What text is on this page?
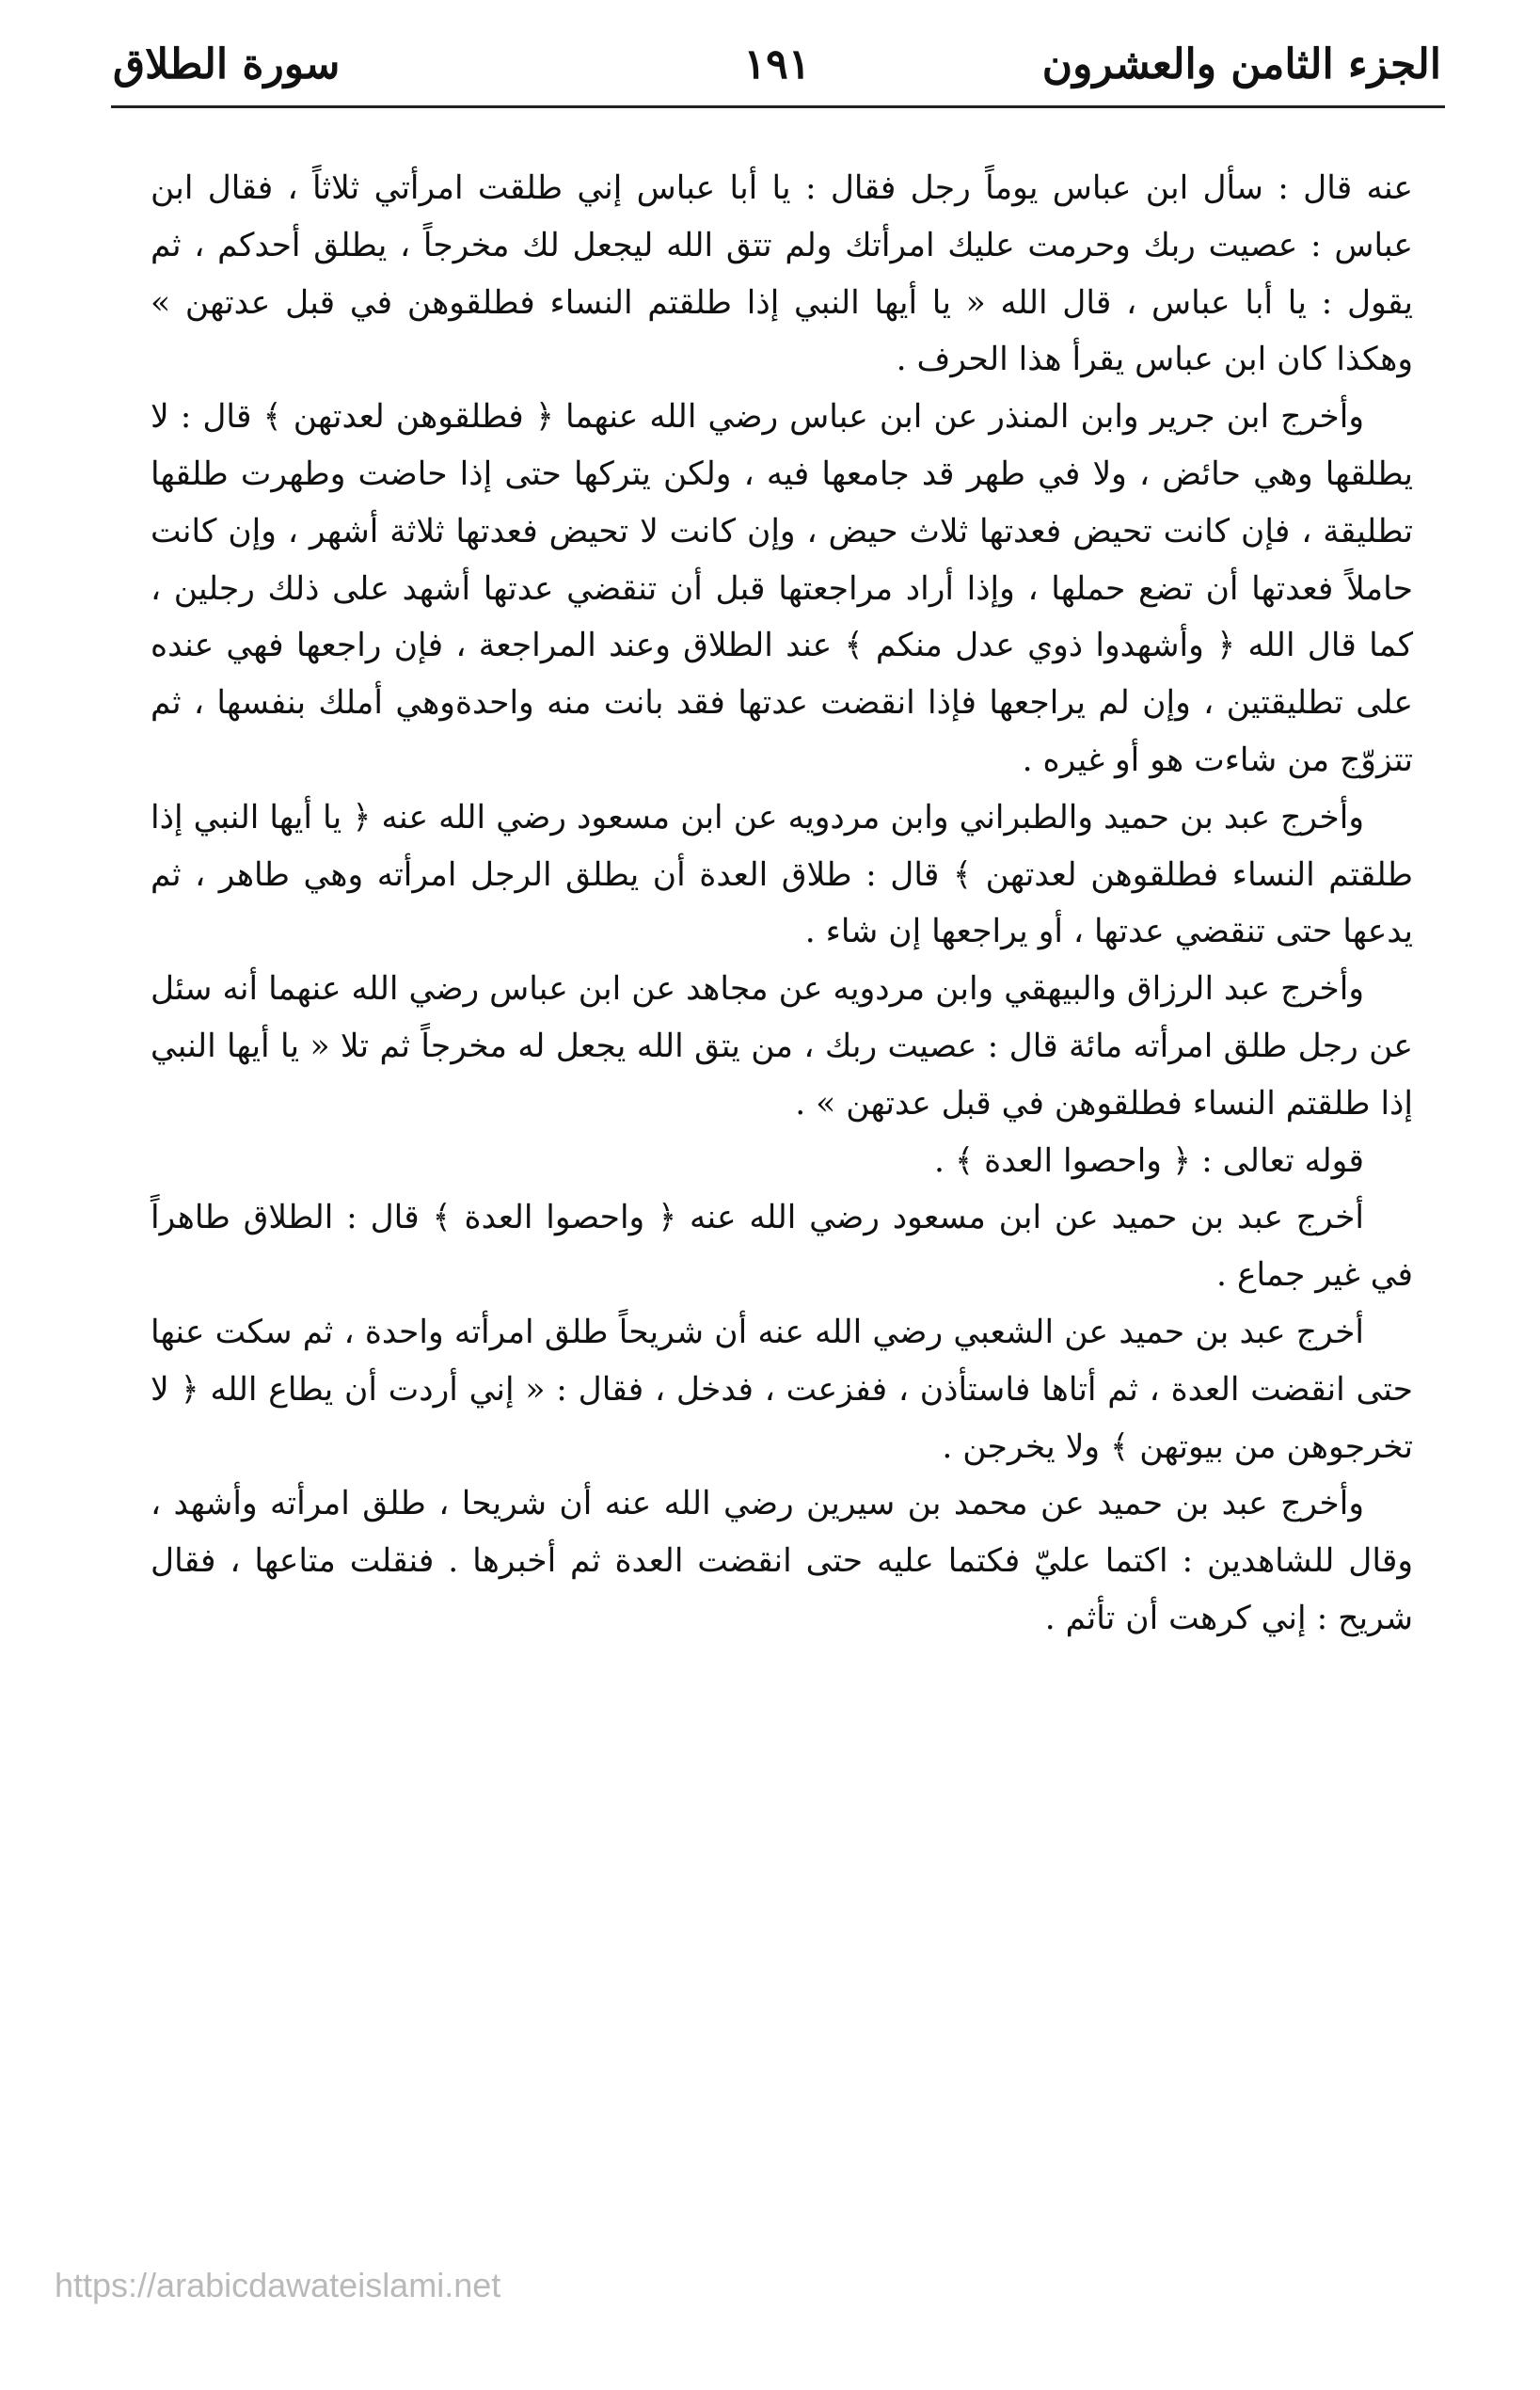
الجزء الثامن والعشرون
١٩١
سورة الطلاق

عنه قال : سأل ابن عباس يوماً رجل فقال : يا أبا عباس إني طلقت امرأتي ثلاثاً ، فقال ابن عباس : عصيت ربك وحرمت عليك امرأتك ولم تتق الله ليجعل لك مخرجاً ، يطلق أحدكم ، ثم يقول : يا أبا عباس ، قال الله « يا أيها النبي إذا طلقتم النساء فطلقوهن في قبل عدتهن » وهكذا كان ابن عباس يقرأ هذا الحرف .

وأخرج ابن جرير وابن المنذر عن ابن عباس رضي الله عنهما ﴿ فطلقوهن لعدتهن ﴾ قال : لا يطلقها وهي حائض ، ولا في طهر قد جامعها فيه ، ولكن يتركها حتى إذا حاضت وطهرت طلقها تطليقة ، فإن كانت تحيض فعدتها ثلاث حيض ، وإن كانت لا تحيض فعدتها ثلاثة أشهر ، وإن كانت حاملاً فعدتها أن تضع حملها ، وإذا أراد مراجعتها قبل أن تنقضي عدتها أشهد على ذلك رجلين ، كما قال الله ﴿ وأشهدوا ذوي عدل منكم ﴾ عند الطلاق وعند المراجعة ، فإن راجعها فهي عنده على تطليقتين ، وإن لم يراجعها فإذا انقضت عدتها فقد بانت منه واحدةوهي أملك بنفسها ، ثم تتزوّج من شاءت هو أو غيره .

وأخرج عبد بن حميد والطبراني وابن مردويه عن ابن مسعود رضي الله عنه ﴿ يا أيها النبي إذا طلقتم النساء فطلقوهن لعدتهن ﴾ قال : طلاق العدة أن يطلق الرجل امرأته وهي طاهر ، ثم يدعها حتى تنقضي عدتها ، أو يراجعها إن شاء .

وأخرج عبد الرزاق والبيهقي وابن مردويه عن مجاهد عن ابن عباس رضي الله عنهما أنه سئل عن رجل طلق امرأته مائة قال : عصيت ربك ، من يتق الله يجعل له مخرجاً ثم تلا « يا أيها النبي إذا طلقتم النساء فطلقوهن في قبل عدتهن » .

قوله تعالى : ﴿ واحصوا العدة ﴾ .

أخرج عبد بن حميد عن ابن مسعود رضي الله عنه ﴿ واحصوا العدة ﴾ قال : الطلاق طاهراً في غير جماع .

أخرج عبد بن حميد عن الشعبي رضي الله عنه أن شريحاً طلق امرأته واحدة ، ثم سكت عنها حتى انقضت العدة ، ثم أتاها فاستأذن ، ففزعت ، فدخل ، فقال : « إني أردت أن يطاع الله ﴿ لا تخرجوهن من بيوتهن ﴾ ولا يخرجن .

وأخرج عبد بن حميد عن محمد بن سيرين رضي الله عنه أن شريحا ، طلق امرأته وأشهد ، وقال للشاهدين : اكتما عليّ فكتما عليه حتى انقضت العدة ثم أخبرها . فنقلت متاعها ، فقال شريح : إني كرهت أن تأثم .

https://arabicdawateislami.net
